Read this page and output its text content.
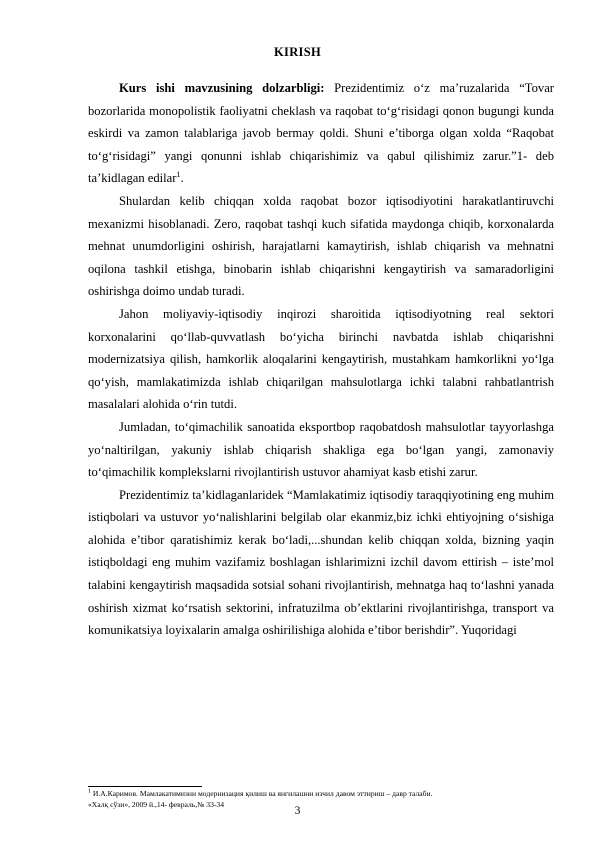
KIRISH

Kurs ishi mavzusining dolzarbligi: Prezidentimiz o‘z ma’ruzalarida “Tovar bozorlarida monopolistik faoliyatni cheklash va raqobat to‘g‘risidagi qonon bugungi kunda eskirdi va zamon talablariga javob bermay qoldi. Shuni e’tiborga olgan xolda “Raqobat to‘g‘risidagi” yangi qonunni ishlab chiqarishimiz va qabul qilishimiz zarur.”1- deb ta’kidlagan edilar$^1$.

Shulardan kelib chiqqan xolda raqobat bozor iqtisodiyotini harakatlantiruvchi mexanizmi hisoblanadi. Zero, raqobat tashqi kuch sifatida maydonga chiqib, korxonalarda mehnat unumdorligini oshirish, harajatlarni kamaytirish, ishlab chiqarish va mehnatni oqilona tashkil etishga, binobarin ishlab chiqarishni kengaytirish va samaradorligini oshirishga doimo undab turadi.

Jahon moliyaviy-iqtisodiy inqirozi sharoitida iqtisodiyotning real sektori korxonalarini qo‘llab-quvvatlash bo‘yicha birinchi navbatda ishlab chiqarishni modernizatsiya qilish, hamkorlik aloqalarini kengaytirish, mustahkam hamkorlikni yo‘lga qo‘yish, mamlakatimizda ishlab chiqarilgan mahsulotlarga ichki talabni rahbatlantrish masalalari alohida o‘rin tutdi.

Jumladan, to‘qimachilik sanoatida eksportbop raqobatdosh mahsulotlar tayyorlashga yo‘naltirilgan, yakuniy ishlab chiqarish shakliga ega bo‘lgan yangi, zamonaviy to‘qimachilik komplekslarni rivojlantirish ustuvor ahamiyat kasb etishi zarur.

Prezidentimiz ta’kidlaganlaridek “Mamlakatimiz iqtisodiy taraqqiyotining eng muhim istiqbolari va ustuvor yo‘nalishlarini belgilab olar ekanmiz,biz ichki ehtiyojning o‘sishiga alohida e’tibor qaratishimiz kerak bo‘ladi,...shundan kelib chiqqan xolda, bizning yaqin istiqboldagi eng muhim vazifamiz boshlagan ishlarimizni izchil davom ettirish – iste’mol talabini kengaytirish maqsadida sotsial sohani rivojlantirish, mehnatga haq to‘lashni yanada oshirish xizmat ko‘rsatish sektorini, infratuzilma ob’ektlarini rivojlantirishga, transport va komunikatsiya loyixalarin amalga oshirilishiga alohida e’tibor berishdir”. Yuqoridagi

$^1$ И.А.Каримов. Мамлакатимизни модернизация қилиш ва янгилашни изчил давом эттириш – давр талаби.
«Халқ сўзи», 2009 й.,14- февраль,№ 33-34
3
